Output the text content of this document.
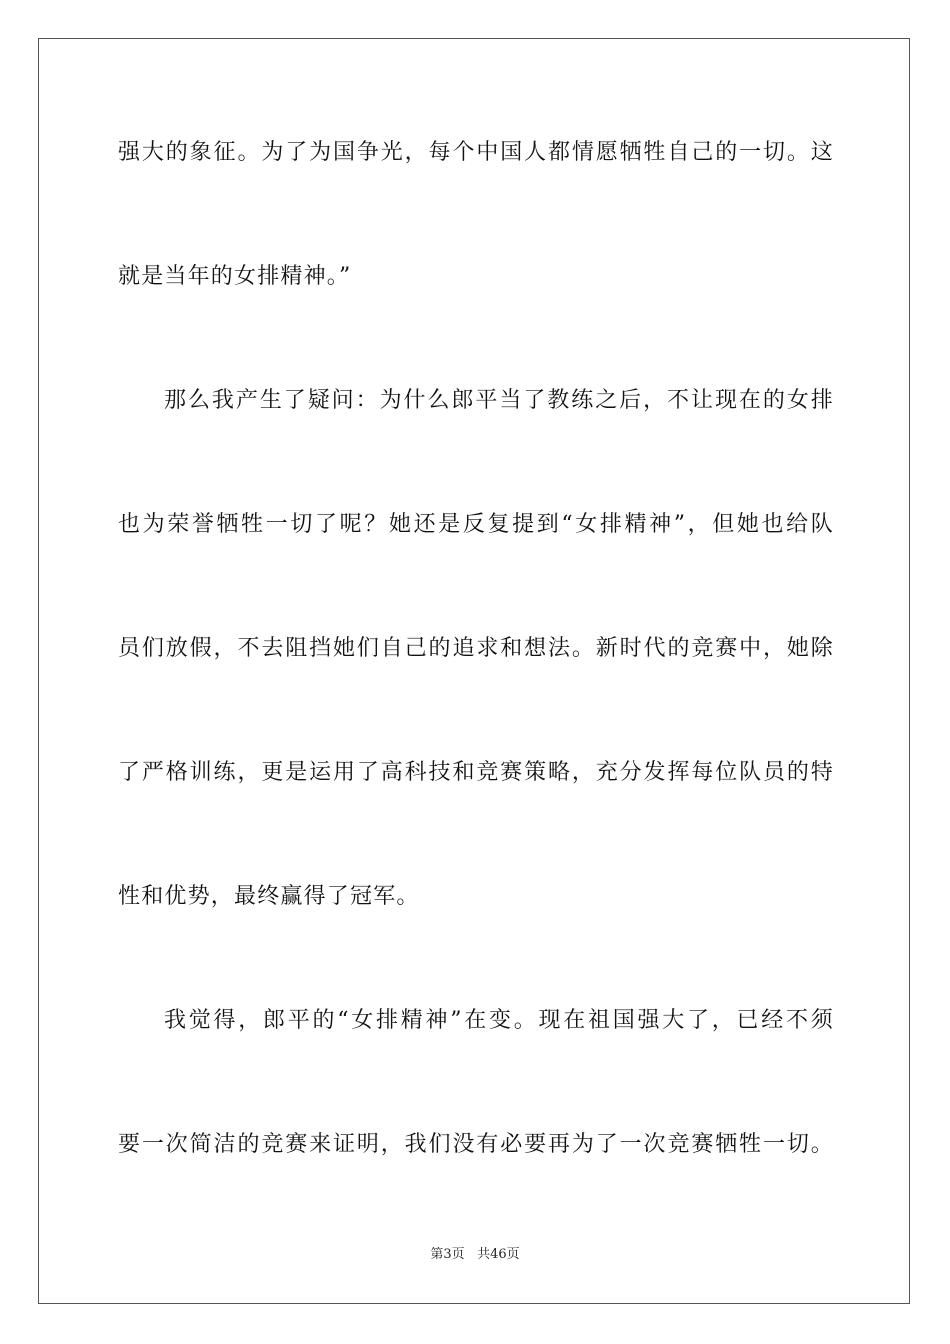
强大的象征。为了为国争光，每个中国人都情愿牺牲自己的一切。这
就是当年的女排精神。”
那么我产生了疑问：为什么郎平当了教练之后，不让现在的女排
也为荣誉牺牲一切了呢？她还是反复提到“女排精神”，但她也给队
员们放假，不去阻挡她们自己的追求和想法。新时代的竞赛中，她除
了严格训练，更是运用了高科技和竞赛策略，充分发挥每位队员的特
性和优势，最终赢得了冠军。
我觉得，郎平的“女排精神”在变。现在祖国强大了，已经不须
要一次简洁的竞赛来证明，我们没有必要再为了一次竞赛牺牲一切。
第3页 共46页
